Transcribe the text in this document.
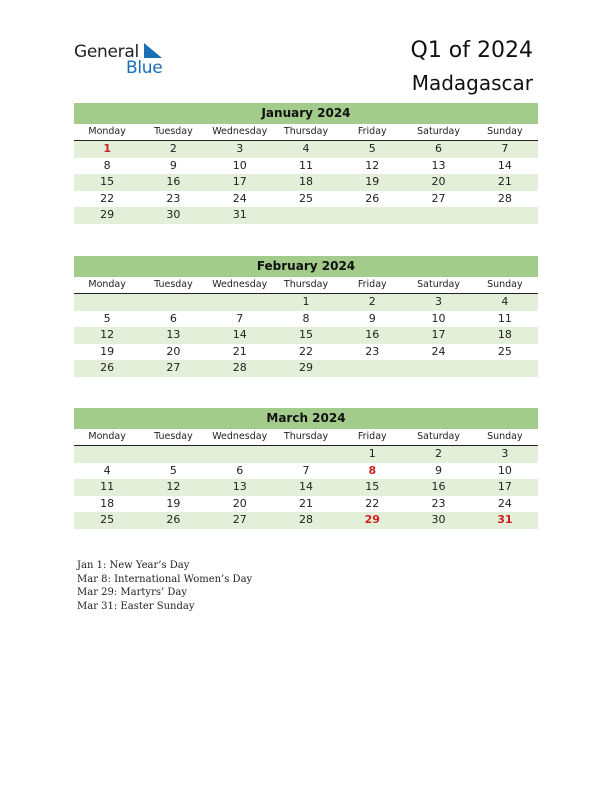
General
Blue
Q1 of 2024
Madagascar
January 2024
Monday	Tuesday	Wednesday	Thursday	Friday	Saturday	Sunday
1	2	3	4	5	6	7
8	9	10	11	12	13	14
15	16	17	18	19	20	21
22	23	24	25	26	27	28
29	30	31				
February 2024
Monday	Tuesday	Wednesday	Thursday	Friday	Saturday	Sunday
			1	2	3	4
5	6	7	8	9	10	11
12	13	14	15	16	17	18
19	20	21	22	23	24	25
26	27	28	29			
March 2024
Monday	Tuesday	Wednesday	Thursday	Friday	Saturday	Sunday
				1	2	3
4	5	6	7	8	9	10
11	12	13	14	15	16	17
18	19	20	21	22	23	24
25	26	27	28	29	30	31
Jan 1: New Year’s Day
Mar 8: International Women’s Day
Mar 29: Martyrs’ Day
Mar 31: Easter Sunday
